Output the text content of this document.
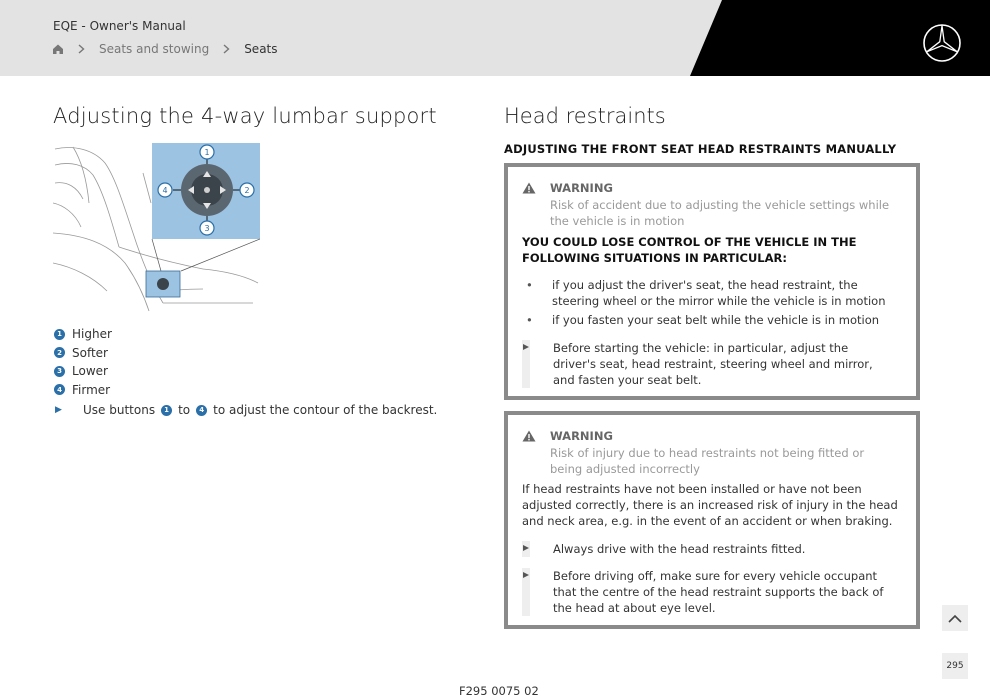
EQE - Owner's Manual
Seats and stowing	Seats
Adjusting the 4-way lumbar support
1
2
3
4
1 Higher
2 Softer
3 Lower
4 Firmer
▶	Use buttons	1 to	4 to adjust the contour of the backrest.
Head restraints
ADJUSTING THE FRONT SEAT HEAD RESTRAINTS MANUALLY
WARNING
Risk of accident due to adjusting the vehicle settings while the vehicle is in motion
YOU COULD LOSE CONTROL OF THE VEHICLE IN THE FOLLOWING SITUATIONS IN PARTICULAR:
•	if you adjust the driver's seat, the head restraint, the steering wheel or the mirror while the vehicle is in motion
•	if you fasten your seat belt while the vehicle is in motion
Before starting the vehicle: in particular, adjust the driver's seat, head restraint, steering wheel and mirror, and fasten your seat belt.
WARNING
Risk of injury due to head restraints not being fitted or being adjusted incorrectly
If head restraints have not been installed or have not been adjusted correctly, there is an increased risk of injury in the head and neck area, e.g. in the event of an accident or when braking.
Always drive with the head restraints fitted.
Before driving off, make sure for every vehicle occupant that the centre of the head restraint supports the back of the head at about eye level.
295
F295 0075 02
